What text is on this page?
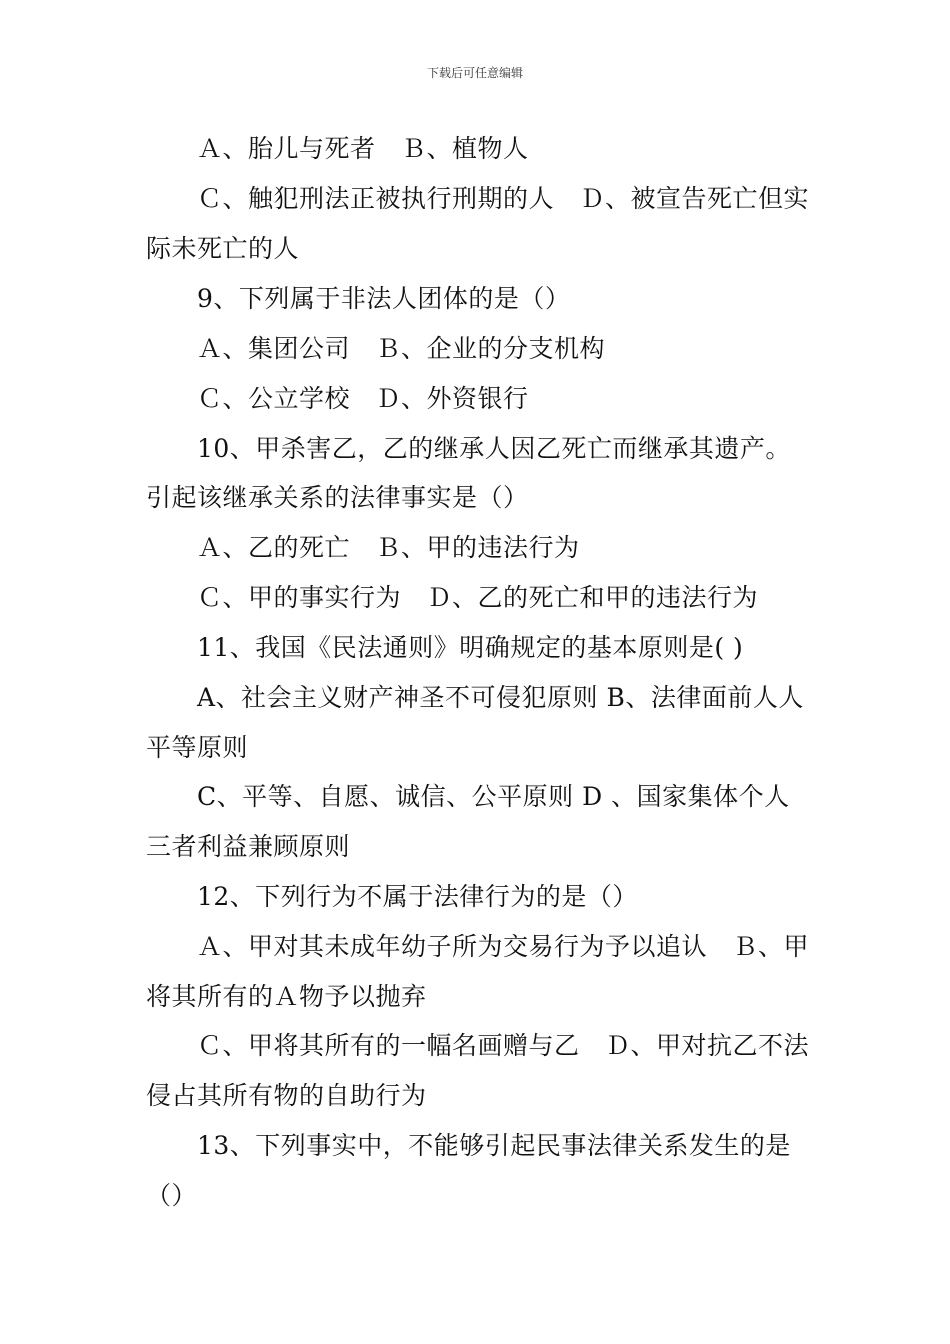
下载后可任意编辑
Ａ、胎儿与死者　Ｂ、植物人
Ｃ、触犯刑法正被执行刑期的人　Ｄ、被宣告死亡但实
际未死亡的人
9、下列属于非法人团体的是（）
Ａ、集团公司　Ｂ、企业的分支机构
Ｃ、公立学校　Ｄ、外资银行
10、甲杀害乙，乙的继承人因乙死亡而继承其遗产。
引起该继承关系的法律事实是（）
Ａ、乙的死亡　Ｂ、甲的违法行为
Ｃ、甲的事实行为　Ｄ、乙的死亡和甲的违法行为
11、我国《民法通则》明确规定的基本原则是( )
A、社会主义财产神圣不可侵犯原则 B、法律面前人人
平等原则
C、平等、自愿、诚信、公平原则 D 、国家集体个人
三者利益兼顾原则
12、下列行为不属于法律行为的是（）
Ａ、甲对其未成年幼子所为交易行为予以追认　Ｂ、甲
将其所有的Ａ物予以抛弃
Ｃ、甲将其所有的一幅名画赠与乙　Ｄ、甲对抗乙不法
侵占其所有物的自助行为
13、下列事实中，不能够引起民事法律关系发生的是
（）
